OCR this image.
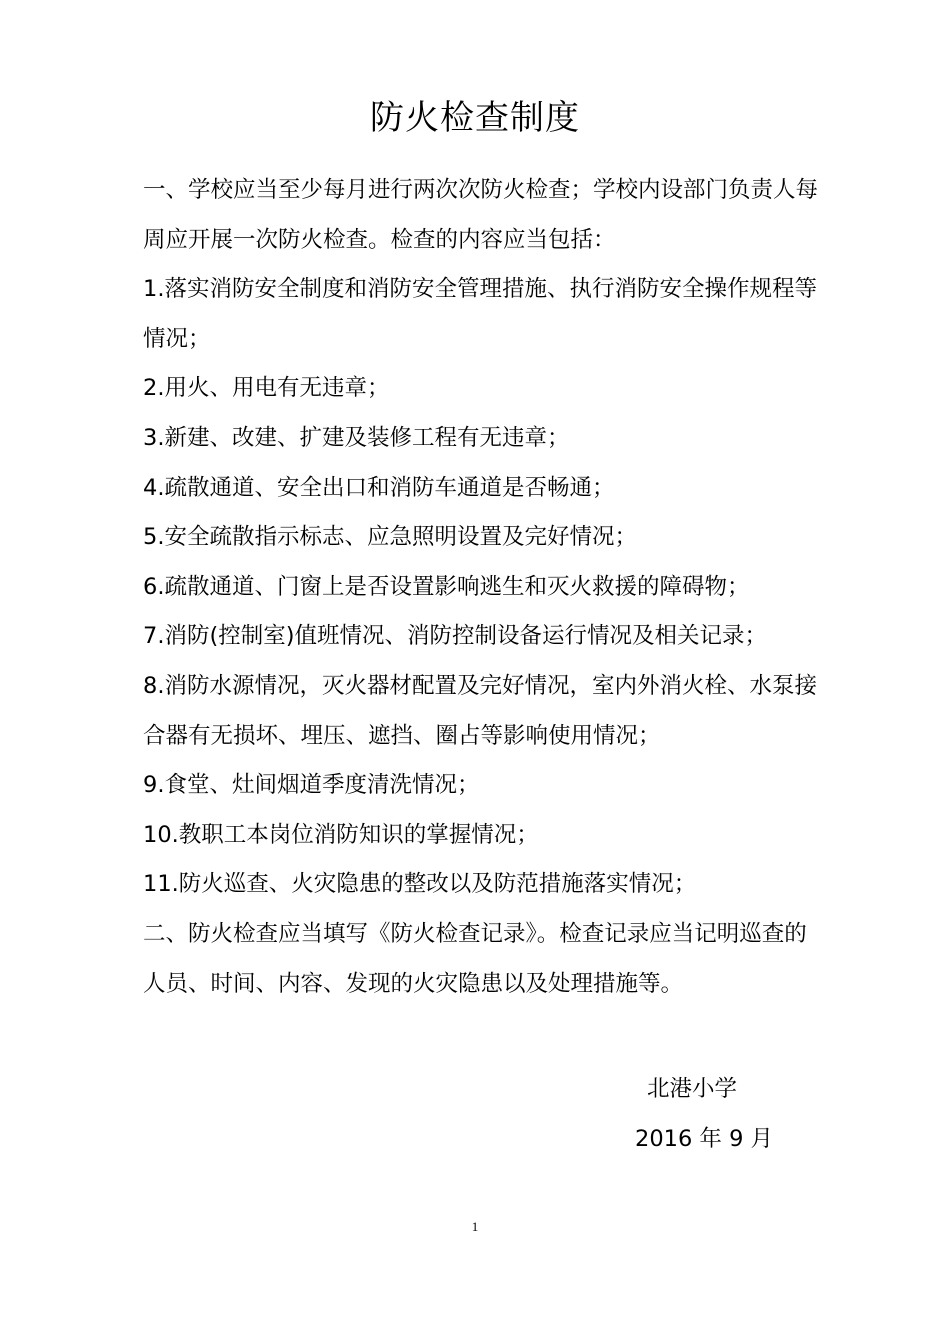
防火检查制度

一、学校应当至少每月进行两次次防火检查；学校内设部门负责人每周应开展一次防火检查。检查的内容应当包括：

1.落实消防安全制度和消防安全管理措施、执行消防安全操作规程等情况；

2.用火、用电有无违章；

3.新建、改建、扩建及装修工程有无违章；

4.疏散通道、安全出口和消防车通道是否畅通；

5.安全疏散指示标志、应急照明设置及完好情况；

6.疏散通道、门窗上是否设置影响逃生和灭火救援的障碍物；

7.消防(控制室)值班情况、消防控制设备运行情况及相关记录；

8.消防水源情况，灭火器材配置及完好情况，室内外消火栓、水泵接合器有无损坏、埋压、遮挡、圈占等影响使用情况；

9.食堂、灶间烟道季度清洗情况；

10.教职工本岗位消防知识的掌握情况；

11.防火巡查、火灾隐患的整改以及防范措施落实情况；

二、防火检查应当填写《防火检查记录》。检查记录应当记明巡查的人员、时间、内容、发现的火灾隐患以及处理措施等。

北港小学
2016 年 9 月
1
